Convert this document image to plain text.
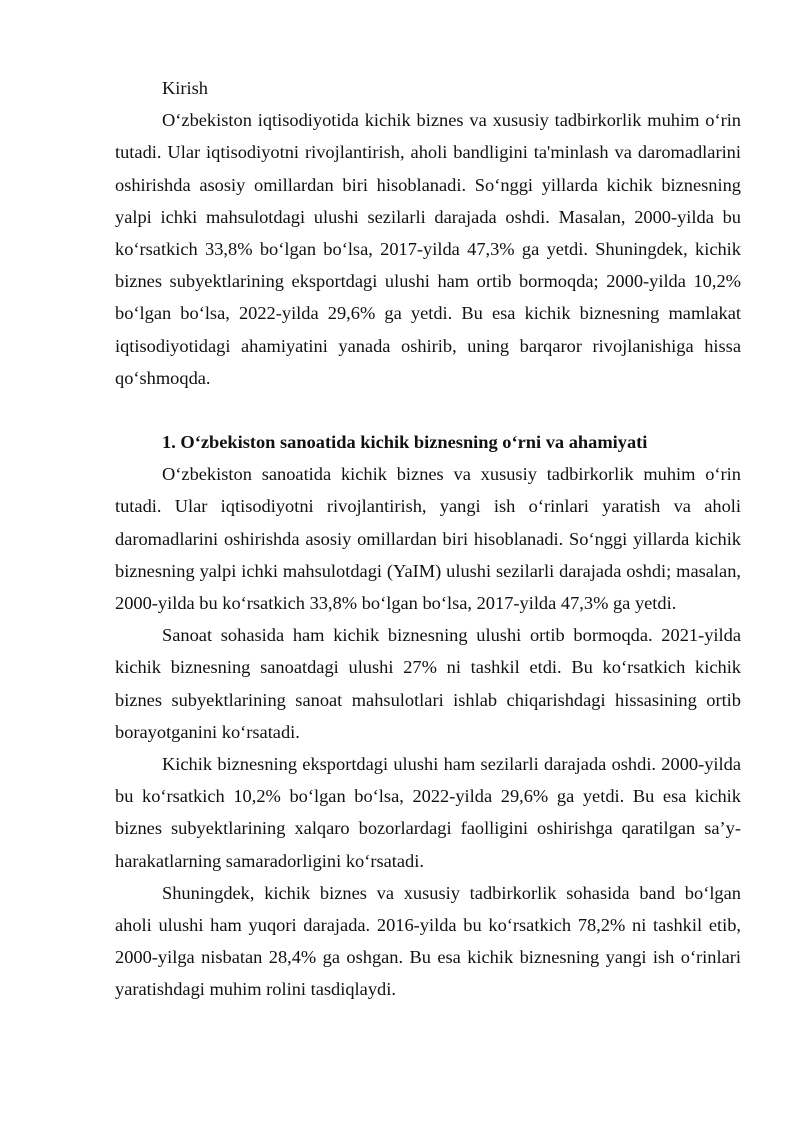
Kirish

O‘zbekiston iqtisodiyotida kichik biznes va xususiy tadbirkorlik muhim o‘rin tutadi. Ular iqtisodiyotni rivojlantirish, aholi bandligini ta'minlash va daromadlarini oshirishda asosiy omillardan biri hisoblanadi. So‘nggi yillarda kichik biznesning yalpi ichki mahsulotdagi ulushi sezilarli darajada oshdi. Masalan, 2000-yilda bu ko‘rsatkich 33,8% bo‘lgan bo‘lsa, 2017-yilda 47,3% ga yetdi. Shuningdek, kichik biznes subyektlarining eksportdagi ulushi ham ortib bormoqda; 2000-yilda 10,2% bo‘lgan bo‘lsa, 2022-yilda 29,6% ga yetdi. Bu esa kichik biznesning mamlakat iqtisodiyotidagi ahamiyatini yanada oshirib, uning barqaror rivojlanishiga hissa qo‘shmoqda.

1. O‘zbekiston sanoatida kichik biznesning o‘rni va ahamiyati

O‘zbekiston sanoatida kichik biznes va xususiy tadbirkorlik muhim o‘rin tutadi. Ular iqtisodiyotni rivojlantirish, yangi ish o‘rinlari yaratish va aholi daromadlarini oshirishda asosiy omillardan biri hisoblanadi. So‘nggi yillarda kichik biznesning yalpi ichki mahsulotdagi (YaIM) ulushi sezilarli darajada oshdi; masalan, 2000-yilda bu ko‘rsatkich 33,8% bo‘lgan bo‘lsa, 2017-yilda 47,3% ga yetdi.

Sanoat sohasida ham kichik biznesning ulushi ortib bormoqda. 2021-yilda kichik biznesning sanoatdagi ulushi 27% ni tashkil etdi. Bu ko‘rsatkich kichik biznes subyektlarining sanoat mahsulotlari ishlab chiqarishdagi hissasining ortib borayotganini ko‘rsatadi.

Kichik biznesning eksportdagi ulushi ham sezilarli darajada oshdi. 2000-yilda bu ko‘rsatkich 10,2% bo‘lgan bo‘lsa, 2022-yilda 29,6% ga yetdi. Bu esa kichik biznes subyektlarining xalqaro bozorlardagi faolligini oshirishga qaratilgan sa’y-harakatlarning samaradorligini ko‘rsatadi.

Shuningdek, kichik biznes va xususiy tadbirkorlik sohasida band bo‘lgan aholi ulushi ham yuqori darajada. 2016-yilda bu ko‘rsatkich 78,2% ni tashkil etib, 2000-yilga nisbatan 28,4% ga oshgan. Bu esa kichik biznesning yangi ish o‘rinlari yaratishdagi muhim rolini tasdiqlaydi.
